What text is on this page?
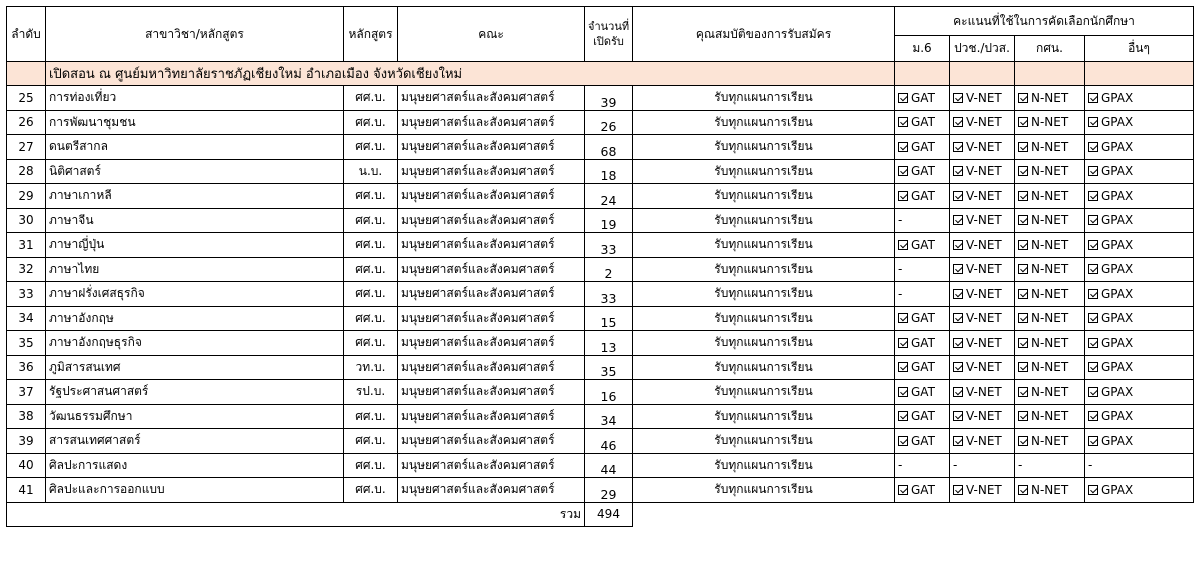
ลำดับ	สาขาวิชา/หลักสูตร	หลักสูตร	คณะ	จำนวนที่
เปิดรับ	คุณสมบัติของการรับสมัคร	คะแนนที่ใช้ในการคัดเลือกนักศึกษา			
						ม.6	ปวช./ปวส.	กศน.	อื่นๆ
	เปิดสอน ณ ศูนย์มหาวิทยาลัยราชภัฏเชียงใหม่ อำเภอเมือง จังหวัดเชียงใหม่								
25	การท่องเที่ยว	ศศ.บ.	มนุษยศาสตร์และสังคมศาสตร์	39	รับทุกแผนการเรียน	GAT	V-NET	N-NET	GPAX
26	การพัฒนาชุมชน	ศศ.บ.	มนุษยศาสตร์และสังคมศาสตร์	26	รับทุกแผนการเรียน	GAT	V-NET	N-NET	GPAX
27	ดนตรีสากล	ศศ.บ.	มนุษยศาสตร์และสังคมศาสตร์	68	รับทุกแผนการเรียน	GAT	V-NET	N-NET	GPAX
28	นิติศาสตร์	น.บ.	มนุษยศาสตร์และสังคมศาสตร์	18	รับทุกแผนการเรียน	GAT	V-NET	N-NET	GPAX
29	ภาษาเกาหลี	ศศ.บ.	มนุษยศาสตร์และสังคมศาสตร์	24	รับทุกแผนการเรียน	GAT	V-NET	N-NET	GPAX
30	ภาษาจีน	ศศ.บ.	มนุษยศาสตร์และสังคมศาสตร์	19	รับทุกแผนการเรียน	-	V-NET	N-NET	GPAX
31	ภาษาญี่ปุ่น	ศศ.บ.	มนุษยศาสตร์และสังคมศาสตร์	33	รับทุกแผนการเรียน	GAT	V-NET	N-NET	GPAX
32	ภาษาไทย	ศศ.บ.	มนุษยศาสตร์และสังคมศาสตร์	2	รับทุกแผนการเรียน	-	V-NET	N-NET	GPAX
33	ภาษาฝรั่งเศสธุรกิจ	ศศ.บ.	มนุษยศาสตร์และสังคมศาสตร์	33	รับทุกแผนการเรียน	-	V-NET	N-NET	GPAX
34	ภาษาอังกฤษ	ศศ.บ.	มนุษยศาสตร์และสังคมศาสตร์	15	รับทุกแผนการเรียน	GAT	V-NET	N-NET	GPAX
35	ภาษาอังกฤษธุรกิจ	ศศ.บ.	มนุษยศาสตร์และสังคมศาสตร์	13	รับทุกแผนการเรียน	GAT	V-NET	N-NET	GPAX
36	ภูมิสารสนเทศ	วท.บ.	มนุษยศาสตร์และสังคมศาสตร์	35	รับทุกแผนการเรียน	GAT	V-NET	N-NET	GPAX
37	รัฐประศาสนศาสตร์	รป.บ.	มนุษยศาสตร์และสังคมศาสตร์	16	รับทุกแผนการเรียน	GAT	V-NET	N-NET	GPAX
38	วัฒนธรรมศึกษา	ศศ.บ.	มนุษยศาสตร์และสังคมศาสตร์	34	รับทุกแผนการเรียน	GAT	V-NET	N-NET	GPAX
39	สารสนเทศศาสตร์	ศศ.บ.	มนุษยศาสตร์และสังคมศาสตร์	46	รับทุกแผนการเรียน	GAT	V-NET	N-NET	GPAX
40	ศิลปะการแสดง	ศศ.บ.	มนุษยศาสตร์และสังคมศาสตร์	44	รับทุกแผนการเรียน	-	-	-	-
41	ศิลปะและการออกแบบ	ศศ.บ.	มนุษยศาสตร์และสังคมศาสตร์	29	รับทุกแผนการเรียน	GAT	V-NET	N-NET	GPAX
รวม				494					
